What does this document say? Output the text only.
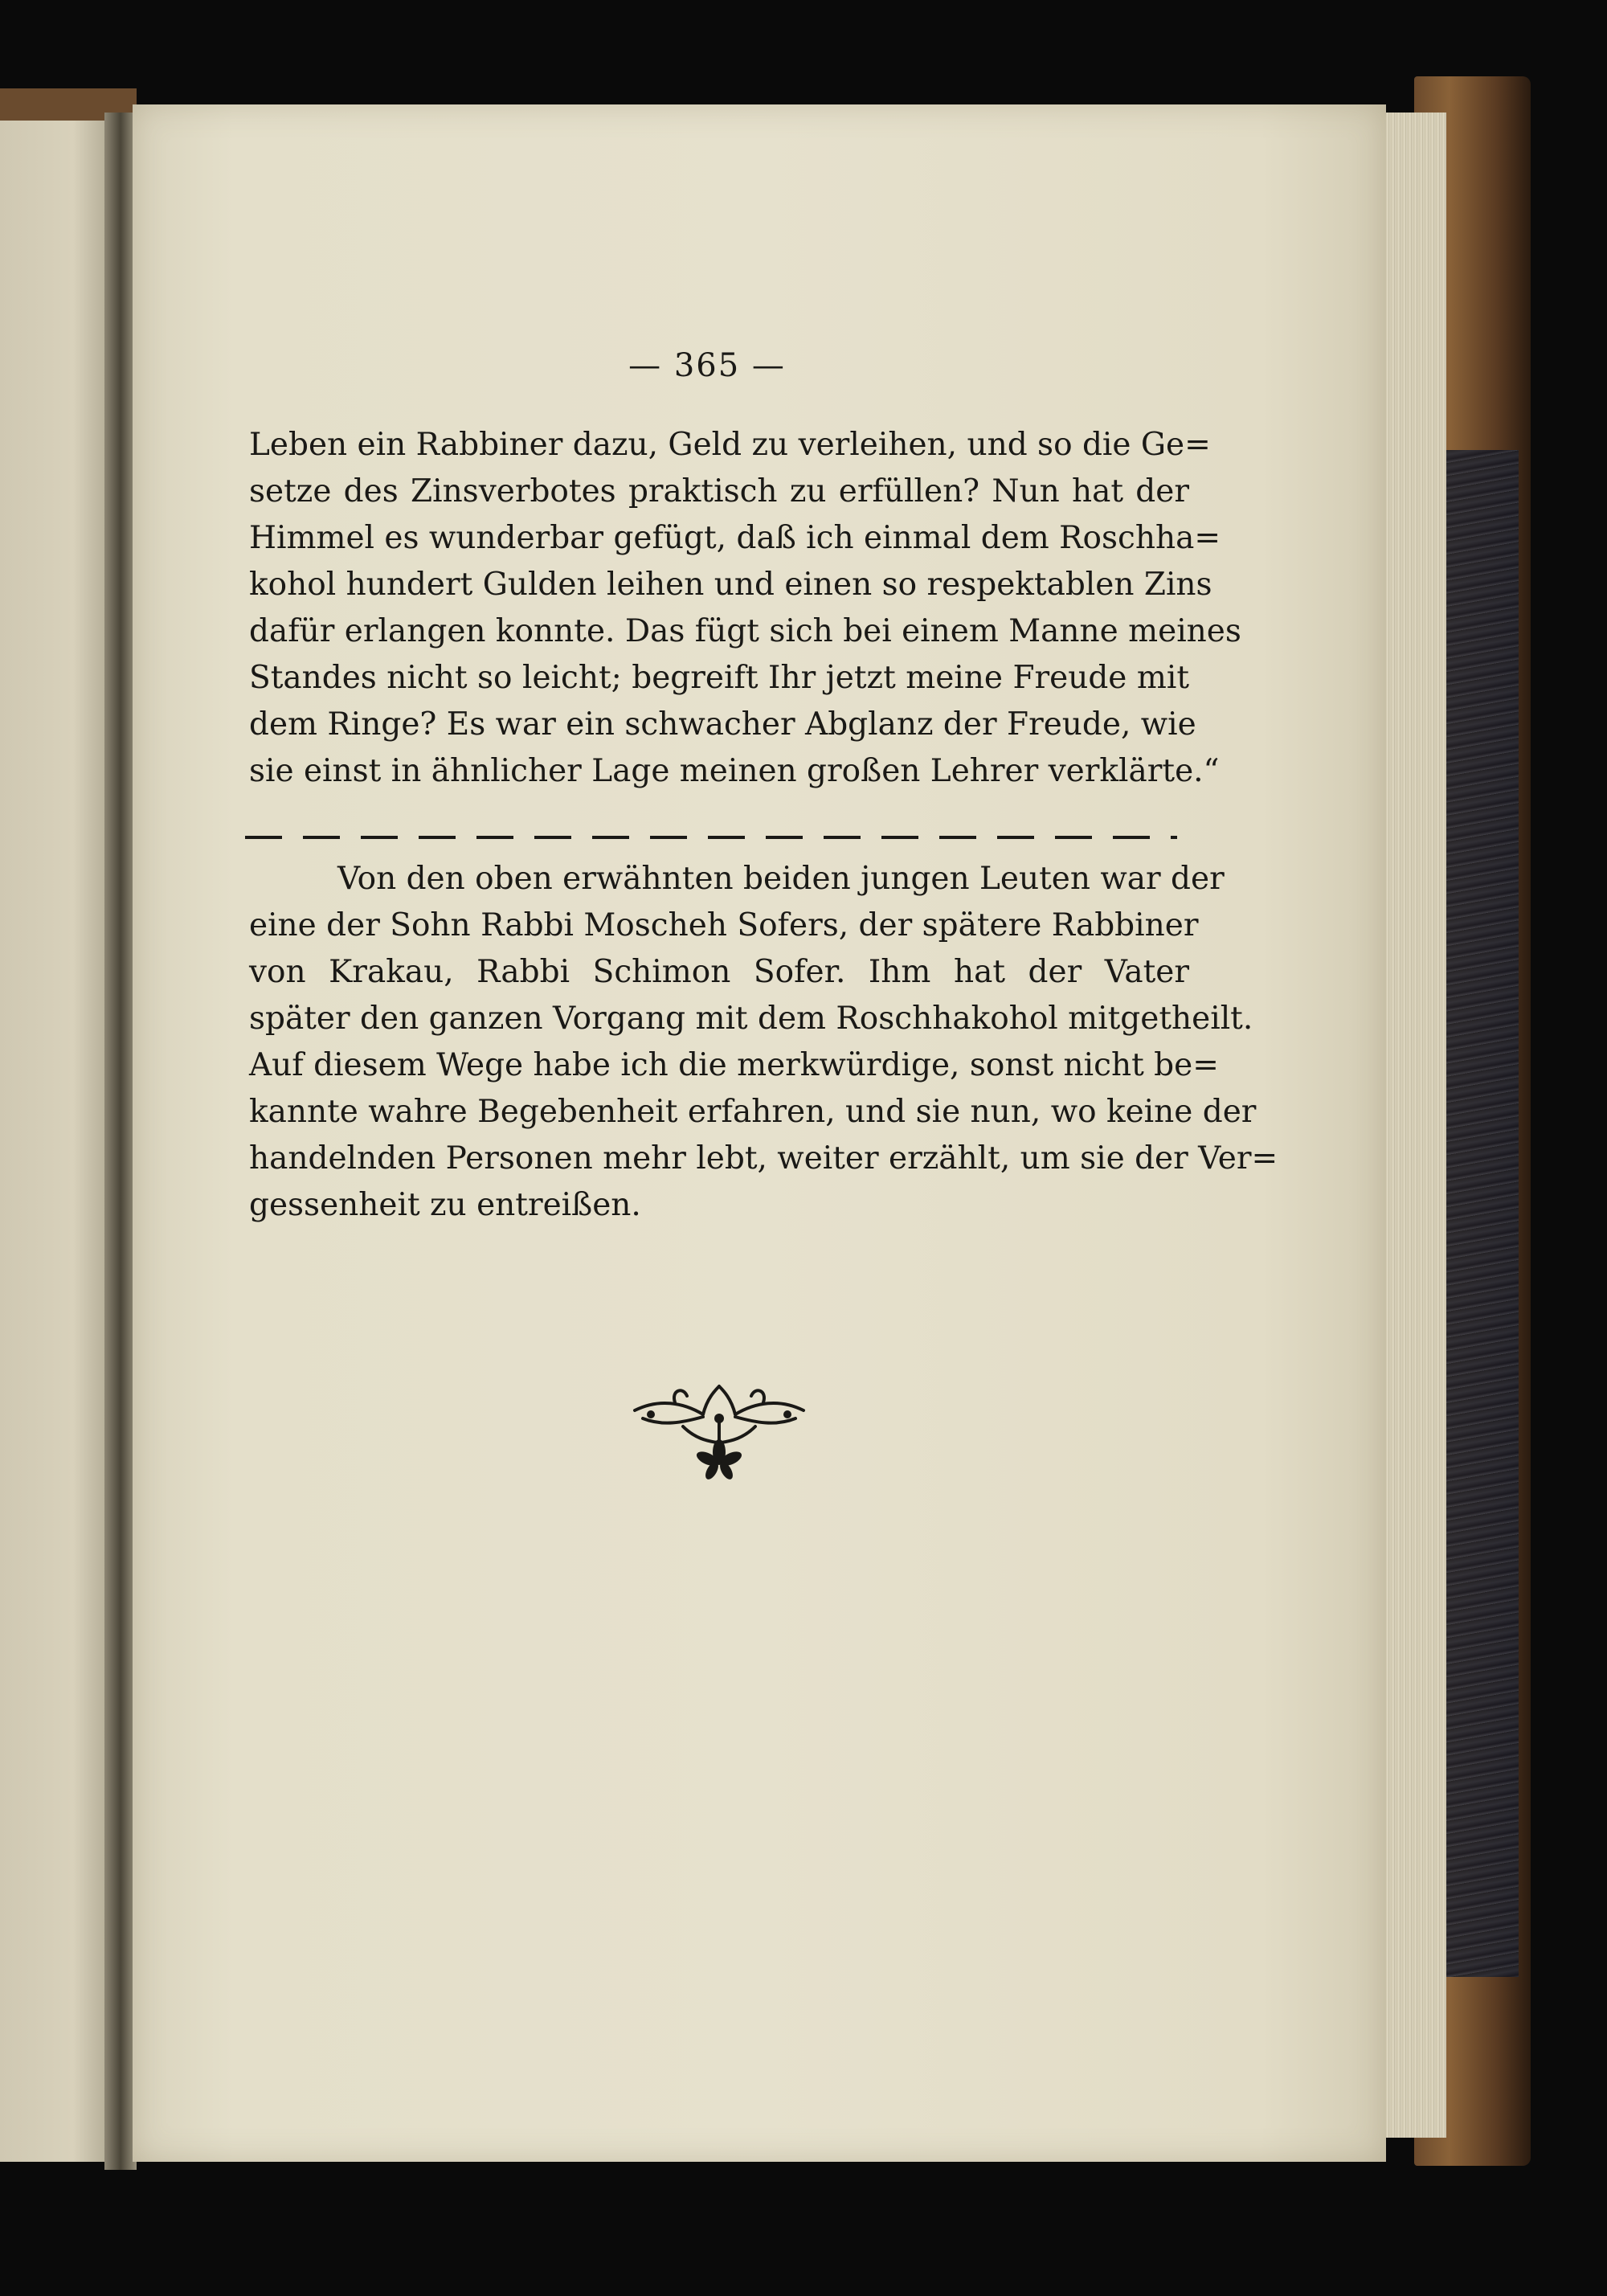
— 365 —
Leben ein Rabbiner dazu, Geld zu verleihen, und so die Ge=
setze des Zinsverbotes praktisch zu erfüllen? Nun hat der
Himmel es wunderbar gefügt, daß ich einmal dem Roschha=
kohol hundert Gulden leihen und einen so respektablen Zins
dafür erlangen konnte. Das fügt sich bei einem Manne meines
Standes nicht so leicht; begreift Ihr jetzt meine Freude mit
dem Ringe? Es war ein schwacher Abglanz der Freude, wie
sie einst in ähnlicher Lage meinen großen Lehrer verklärte.“
Von den oben erwähnten beiden jungen Leuten war der
eine der Sohn Rabbi Moscheh Sofers, der spätere Rabbiner
von Krakau, Rabbi Schimon Sofer. Ihm hat der Vater
später den ganzen Vorgang mit dem Roschhakohol mitgetheilt.
Auf diesem Wege habe ich die merkwürdige, sonst nicht be=
kannte wahre Begebenheit erfahren, und sie nun, wo keine der
handelnden Personen mehr lebt, weiter erzählt, um sie der Ver=
gessenheit zu entreißen.
